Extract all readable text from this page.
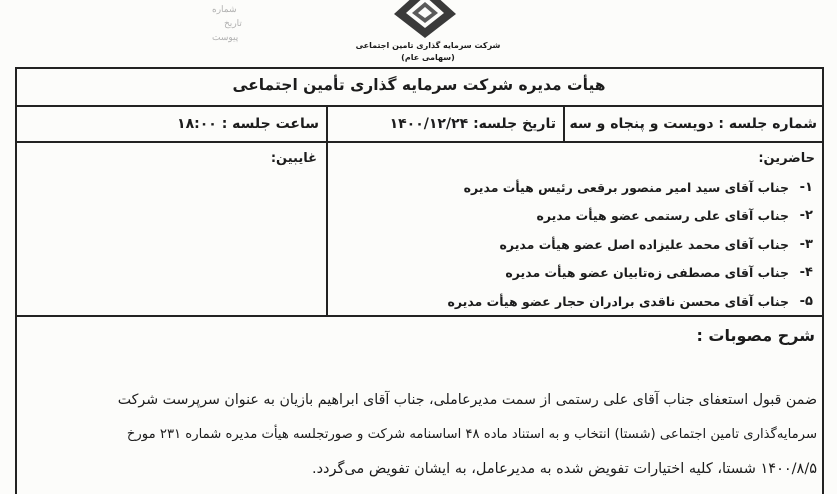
شماره
تاريخ
پيوست
شرکت سرمایه گذاری تامین اجتماعی
(سهامی عام)
هیأت مدیره شرکت سرمایه گذاری تأمین اجتماعی
شماره جلسه : دویست و پنجاه و سه
تاریخ جلسه: ۱۴۰۰/۱۲/۲۴
ساعت جلسه : ۱۸:۰۰
حاضرین:
-۱
جناب آقای سید امیر منصور برقعی رئیس هیأت مدیره
-۲
جناب آقای علی رستمی عضو هیأت مدیره
-۳
جناب آقای محمد علیزاده اصل عضو هیأت مدیره
-۴
جناب آقای مصطفی زه‌تابیان عضو هیأت مدیره
-۵
جناب آقای محسن ناقدی برادران حجار عضو هیأت مدیره
غایبین:
شرح مصوبات :
ضمن قبول استعفای جناب آقای علی رستمی از سمت مدیرعاملی، جناب آقای ابراهیم بازیان به عنوان سرپرست شرکت
سرمایه‌گذاری تامین اجتماعی (شستا) انتخاب و به استناد ماده ۴۸ اساسنامه شرکت و صورتجلسه هیأت مدیره شماره ۲۳۱ مورخ
۱۴۰۰/۸/۵ شستا، کلیه اختیارات تفویض شده به مدیرعامل، به ایشان تفویض می‌گردد.
